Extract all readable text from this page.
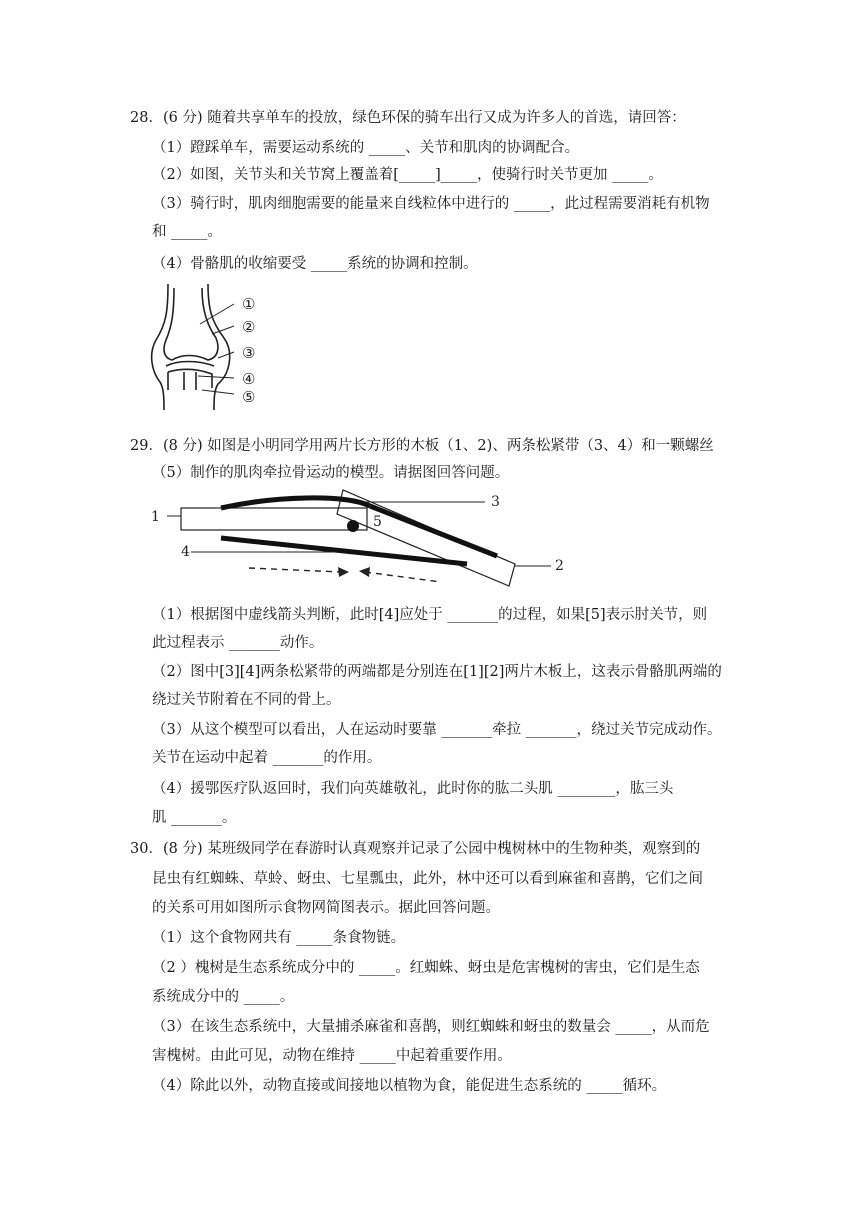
28．(6 分) 随着共享单车的投放，绿色环保的骑车出行又成为许多人的首选，请回答：
（1）蹬踩单车，需要运动系统的 _____、关节和肌肉的协调配合。
（2）如图，关节头和关节窝上覆盖着[_____]_____，使骑行时关节更加 _____。
（3）骑行时，肌肉细胞需要的能量来自线粒体中进行的 _____，此过程需要消耗有机物
和 _____。
（4）骨骼肌的收缩要受 _____系统的协调和控制。
①
②
③
④
⑤
29．(8 分) 如图是小明同学用两片长方形的木板（1、2)、两条松紧带（3、4）和一颗螺丝
（5）制作的肌肉牵拉骨运动的模型。请据图回答问题。
1
2
3
4
5
（1）根据图中虚线箭头判断，此时[4]应处于 _______的过程，如果[5]表示肘关节，则
此过程表示 _______动作。
（2）图中[3][4]两条松紧带的两端都是分别连在[1][2]两片木板上，这表示骨骼肌两端的
绕过关节附着在不同的骨上。
（3）从这个模型可以看出，人在运动时要靠 _______牵拉 _______，绕过关节完成动作。
关节在运动中起着 _______的作用。
（4）援鄂医疗队返回时，我们向英雄敬礼，此时你的肱二头肌 ________，肱三头
肌 _______。
30．(8 分) 某班级同学在春游时认真观察并记录了公园中槐树林中的生物种类，观察到的
昆虫有红蜘蛛、草蛉、蚜虫、七星瓢虫，此外，林中还可以看到麻雀和喜鹊，它们之间
的关系可用如图所示食物网简图表示。据此回答问题。
（1）这个食物网共有 _____条食物链。
（2 ）槐树是生态系统成分中的 _____。红蜘蛛、蚜虫是危害槐树的害虫，它们是生态
系统成分中的 _____。
（3）在该生态系统中，大量捕杀麻雀和喜鹊，则红蜘蛛和蚜虫的数量会 _____，从而危
害槐树。由此可见，动物在维持 _____中起着重要作用。
（4）除此以外，动物直接或间接地以植物为食，能促进生态系统的 _____循环。
